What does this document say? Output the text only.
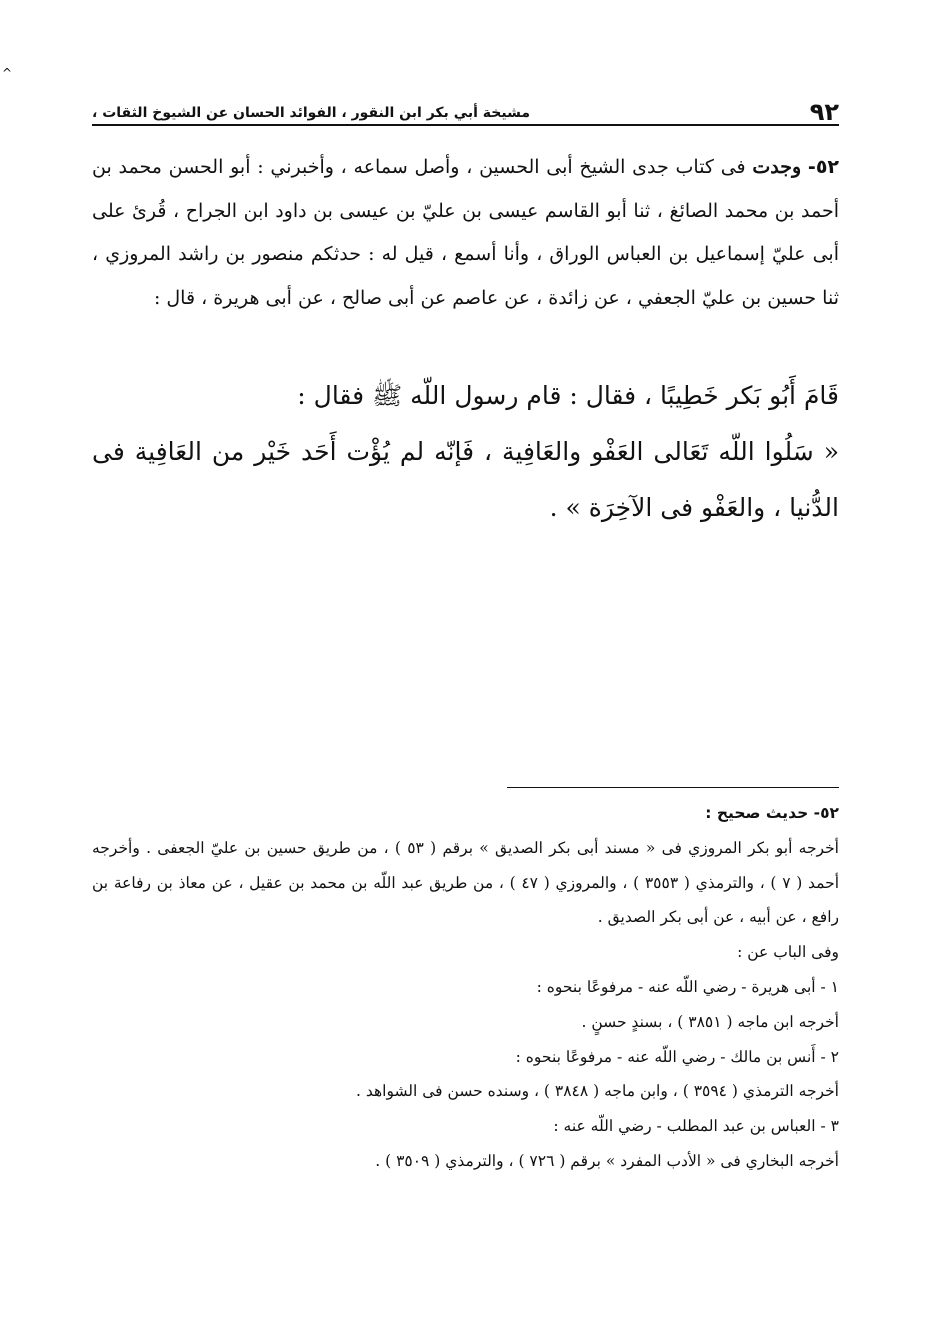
^
٩٢
مشيخة أبي بكر ابن النقور ، الفوائد الحسان عن الشيوخ الثقات ،

٥٢- وجدت فى كتاب جدى الشيخ أبى الحسين ، وأصل سماعه ، وأخبرني : أبو الحسن محمد بن أحمد بن محمد الصائغ ، ثنا أبو القاسم عيسى بن عليّ بن عيسى بن داود ابن الجراح ، قُرئ على أبى عليّ إسماعيل بن العباس الوراق ، وأنا أسمع ، قيل له : حدثكم منصور بن راشد المروزي ، ثنا حسين بن عليّ الجعفي ، عن زائدة ، عن عاصم عن أبى صالح ، عن أبى هريرة ، قال :

قَامَ أَبُو بَكر خَطِيبًا ، فقال : قام رسول اللّه ﷺ فقال :

« سَلُوا اللّه تَعَالى العَفْو والعَافِية ، فَإنّه لم يُؤْت أَحَد خَيْر من العَافِية فى الدُّنيا ، والعَفْو فى الآخِرَة » .

٥٢- حديث صحيح :

أخرجه أبو بكر المروزي فى « مسند أبى بكر الصديق » برقم ( ٥٣ ) ، من طريق حسين بن عليّ الجعفى . وأخرجه أحمد ( ٧ ) ، والترمذي ( ٣٥٥٣ ) ، والمروزي ( ٤٧ ) ، من طريق عبد اللّه بن محمد بن عقيل ، عن معاذ بن رفاعة بن رافع ، عن أبيه ، عن أبى بكر الصديق .

وفى الباب عن :

١ - أبى هريرة - رضي اللّه عنه - مرفوعًا بنحوه :

أخرجه ابن ماجه ( ٣٨٥١ ) ، بسندٍ حسنٍ .

٢ - أَنس بن مالك - رضي اللّه عنه - مرفوعًا بنحوه :

أخرجه الترمذي ( ٣٥٩٤ ) ، وابن ماجه ( ٣٨٤٨ ) ، وسنده حسن فى الشواهد .

٣ - العباس بن عبد المطلب - رضي اللّه عنه :

أخرجه البخاري فى « الأدب المفرد » برقم ( ٧٢٦ ) ، والترمذي ( ٣٥٠٩ ) .
